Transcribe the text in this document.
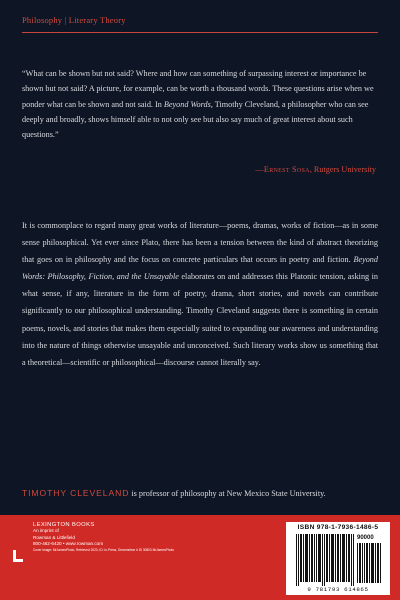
Philosophy | Literary Theory
“What can be shown but not said? Where and how can something of surpassing interest or importance be shown but not said? A picture, for example, can be worth a thousand words. These questions arise when we ponder what can be shown and not said. In Beyond Words, Timothy Cleveland, a philosopher who can see deeply and broadly, shows himself able to not only see but also say much of great interest about such questions.”
—Ernest Sosa, Rutgers University
It is commonplace to regard many great works of literature—poems, dramas, works of fiction—as in some sense philosophical. Yet ever since Plato, there has been a tension between the kind of abstract theorizing that goes on in philosophy and the focus on concrete particulars that occurs in poetry and fiction. Beyond Words: Philosophy, Fiction, and the Unsayable elaborates on and addresses this Platonic tension, asking in what sense, if any, literature in the form of poetry, drama, short stories, and novels can contribute significantly to our philosophical understanding. Timothy Cleveland suggests there is something in certain poems, novels, and stories that makes them especially suited to expanding our awareness and understanding into the nature of things otherwise unsayable and unconceived. Such literary works show us something that a theoretical—scientific or philosophical—discourse cannot literally say.
TIMOTHY CLEVELAND is professor of philosophy at New Mexico State University.
LEXINGTON BOOKS
An imprint of
Rowman & Littlefield
800-462-6420 • www.rowman.com
Cover image: MrJamesPhoto, Retrieved 2020, ID: In-Press, Dreamstime # ID 30803 MrJamesPhoto
ISBN 978-1-7936-1486-5
90000
9 781793 614865
